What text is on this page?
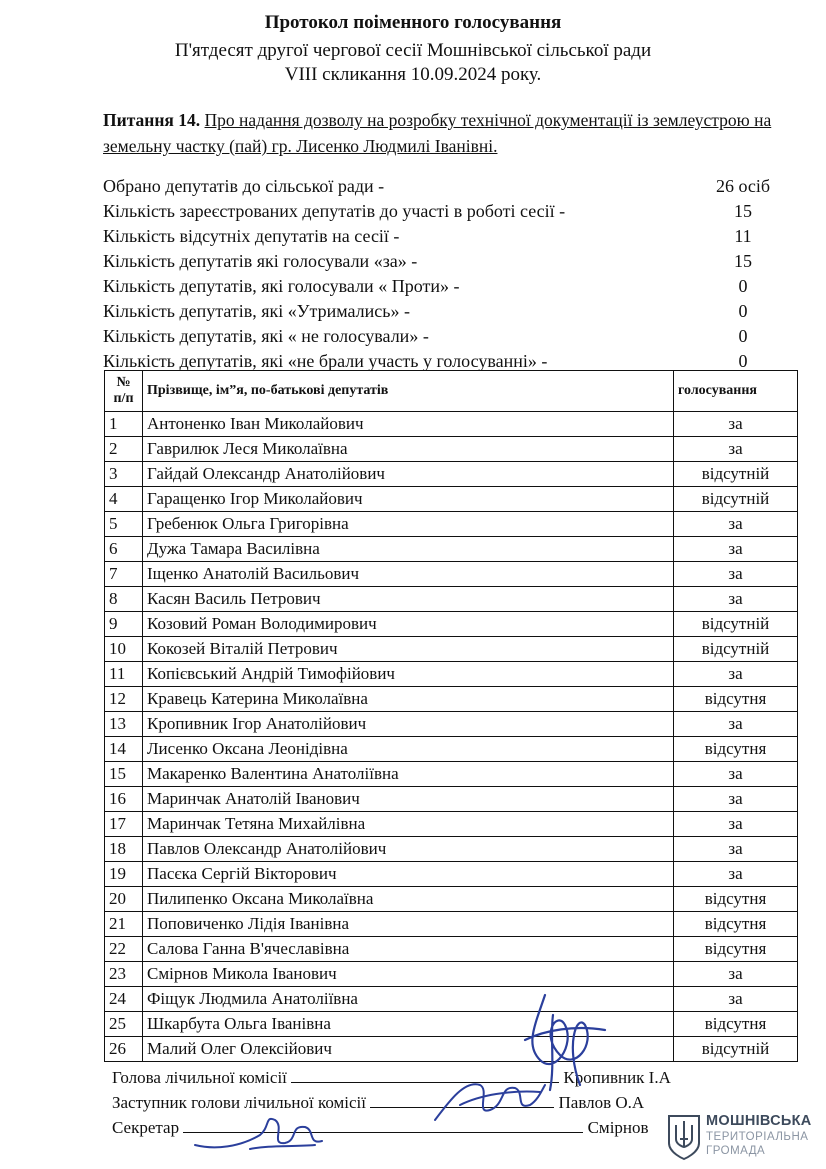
Протокол поіменного голосування
П'ятдесят другої чергової сесії Мошнівської сільської ради
VIII скликання 10.09.2024 року.
Питання 14. Про надання дозволу на розробку технічної документації із землеустрою на земельну частку (пай) гр. Лисенко Людмилі Іванівні.
Обрано депутатів до сільської ради -	26 осіб
Кількість зареєстрованих депутатів до участі в роботі сесії -	15
Кількість відсутніх депутатів на сесії -	11
Кількість депутатів які голосували «за» -	15
Кількість депутатів, які голосували « Проти» -	0
Кількість депутатів, які «Утримались» -	0
Кількість депутатів, які « не голосували» -	0
Кількість депутатів, які «не брали участь у голосуванні» -	0
№ п/п	Прізвище, ім”я, по-батькові депутатів	голосування
1	Антоненко Іван Миколайович	за
2	Гаврилюк Леся Миколаївна	за
3	Гайдай Олександр Анатолійович	відсутній
4	Гаращенко Ігор Миколайович	відсутній
5	Гребенюк Ольга Григорівна	за
6	Дужа Тамара Василівна	за
7	Іщенко Анатолій Васильович	за
8	Касян Василь Петрович	за
9	Козовий Роман Володимирович	відсутній
10	Кокозей Віталій Петрович	відсутній
11	Копієвський Андрій Тимофійович	за
12	Кравець Катерина Миколаївна	відсутня
13	Кропивник Ігор Анатолійович	за
14	Лисенко Оксана Леонідівна	відсутня
15	Макаренко Валентина Анатоліївна	за
16	Маринчак Анатолій Іванович	за
17	Маринчак Тетяна Михайлівна	за
18	Павлов Олександр Анатолійович	за
19	Пасєка Сергій Вікторович	за
20	Пилипенко Оксана Миколаївна	відсутня
21	Поповиченко Лідія Іванівна	відсутня
22	Салова Ганна В'ячеславівна	відсутня
23	Смірнов Микола Іванович	за
24	Фіщук Людмила Анатоліївна	за
25	Шкарбута Ольга Іванівна	відсутня
26	Малий Олег Олексійович	відсутній
Голова лічильної комісії	Кропивник І.А
Заступник голови лічильної комісії	Павлов О.А
Секретар	Смірнов	МОШНІВСЬКА
ТЕРИТОРІАЛЬНА
ГРОМАДА
